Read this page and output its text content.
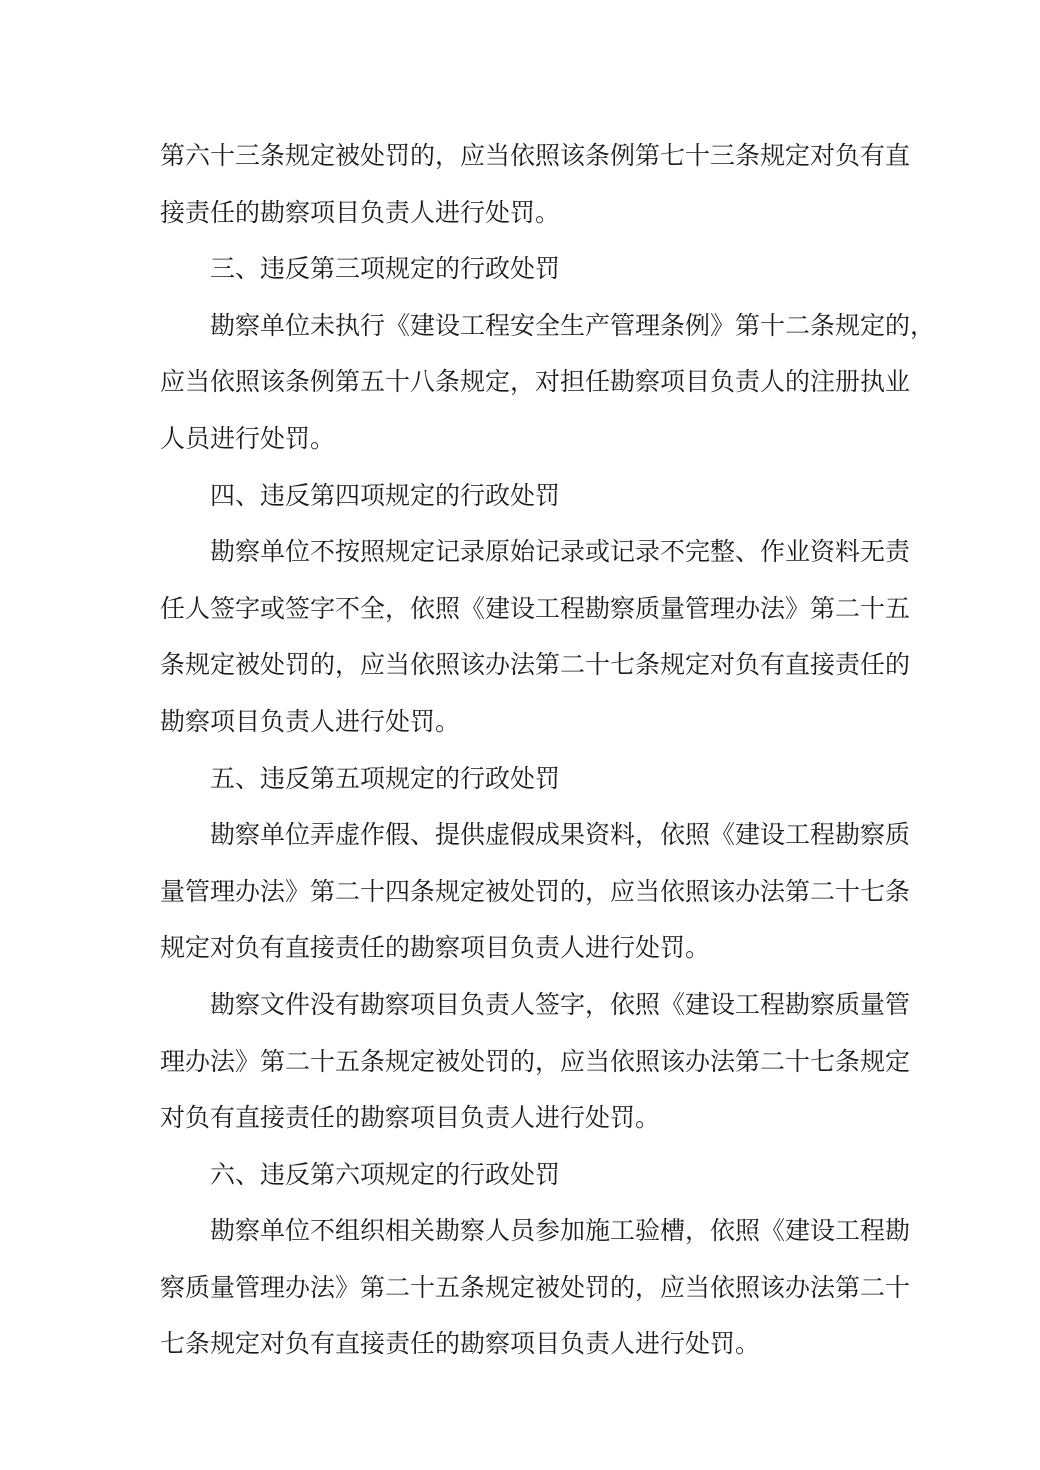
第六十三条规定被处罚的，应当依照该条例第七十三条规定对负有直
接责任的勘察项目负责人进行处罚。
三、违反第三项规定的行政处罚
勘察单位未执行《建设工程安全生产管理条例》第十二条规定的，
应当依照该条例第五十八条规定，对担任勘察项目负责人的注册执业
人员进行处罚。
四、违反第四项规定的行政处罚
勘察单位不按照规定记录原始记录或记录不完整、作业资料无责
任人签字或签字不全，依照《建设工程勘察质量管理办法》第二十五
条规定被处罚的，应当依照该办法第二十七条规定对负有直接责任的
勘察项目负责人进行处罚。
五、违反第五项规定的行政处罚
勘察单位弄虚作假、提供虚假成果资料，依照《建设工程勘察质
量管理办法》第二十四条规定被处罚的，应当依照该办法第二十七条
规定对负有直接责任的勘察项目负责人进行处罚。
勘察文件没有勘察项目负责人签字，依照《建设工程勘察质量管
理办法》第二十五条规定被处罚的，应当依照该办法第二十七条规定
对负有直接责任的勘察项目负责人进行处罚。
六、违反第六项规定的行政处罚
勘察单位不组织相关勘察人员参加施工验槽，依照《建设工程勘
察质量管理办法》第二十五条规定被处罚的，应当依照该办法第二十
七条规定对负有直接责任的勘察项目负责人进行处罚。
